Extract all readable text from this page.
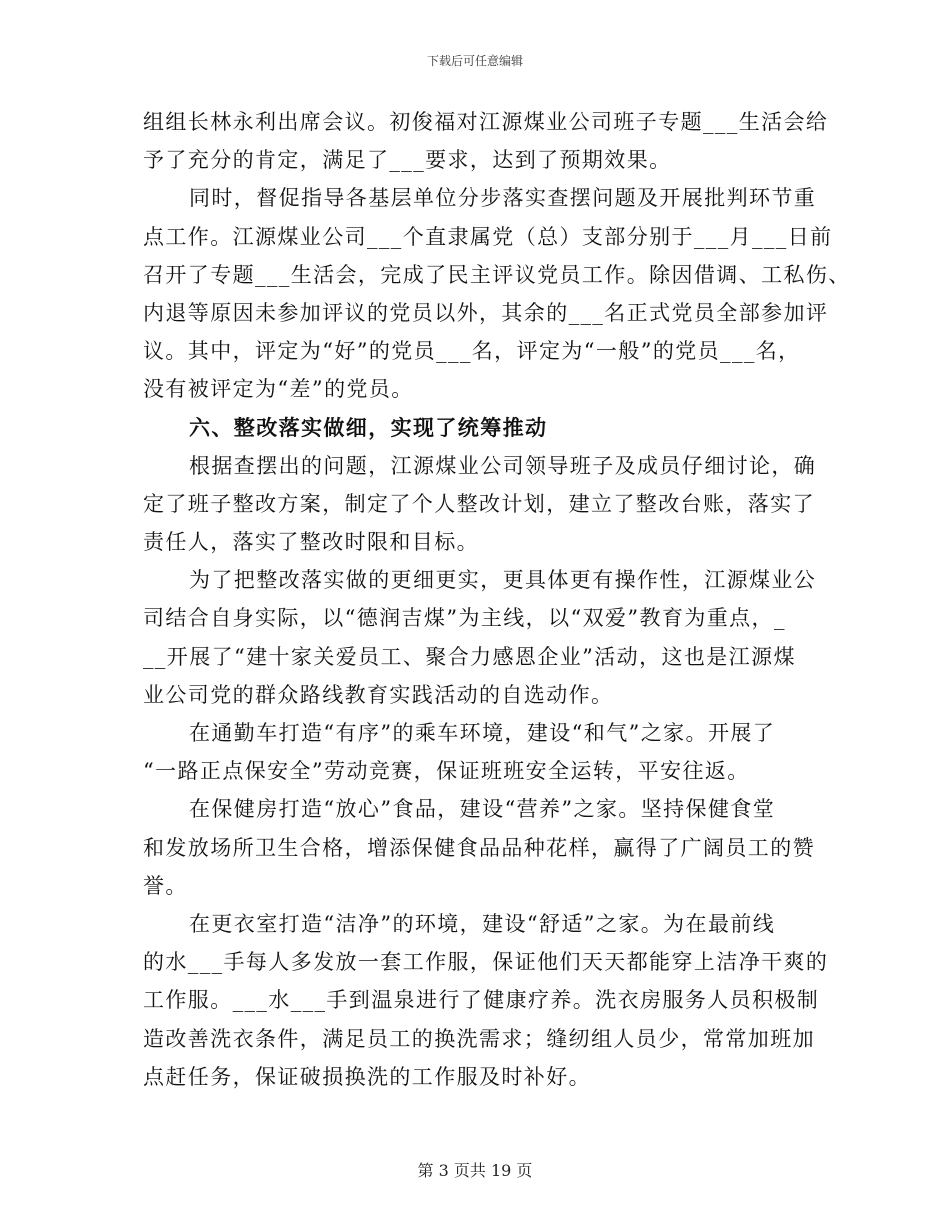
下载后可任意编辑
组组长林永利出席会议。初俊福对江源煤业公司班子专题___生活会给
予了充分的肯定，满足了___要求，达到了预期效果。
同时，督促指导各基层单位分步落实查摆问题及开展批判环节重
点工作。江源煤业公司___个直隶属党（总）支部分别于___月___日前
召开了专题___生活会，完成了民主评议党员工作。除因借调、工私伤、
内退等原因未参加评议的党员以外，其余的___名正式党员全部参加评
议。其中，评定为“好”的党员___名，评定为“一般”的党员___名，
没有被评定为“差”的党员。
六、整改落实做细，实现了统筹推动
根据查摆出的问题，江源煤业公司领导班子及成员仔细讨论，确
定了班子整改方案，制定了个人整改计划，建立了整改台账，落实了
责任人，落实了整改时限和目标。
为了把整改落实做的更细更实，更具体更有操作性，江源煤业公
司结合自身实际，以“德润吉煤”为主线，以“双爱”教育为重点，_
__开展了“建十家关爱员工、聚合力感恩企业”活动，这也是江源煤
业公司党的群众路线教育实践活动的自选动作。
在通勤车打造“有序”的乘车环境，建设“和气”之家。开展了
“一路正点保安全”劳动竞赛，保证班班安全运转，平安往返。
在保健房打造“放心”食品，建设“营养”之家。坚持保健食堂
和发放场所卫生合格，增添保健食品品种花样，赢得了广阔员工的赞
誉。
在更衣室打造“洁净”的环境，建设“舒适”之家。为在最前线
的水___手每人多发放一套工作服，保证他们天天都能穿上洁净干爽的
工作服。___水___手到温泉进行了健康疗养。洗衣房服务人员积极制
造改善洗衣条件，满足员工的换洗需求；缝纫组人员少，常常加班加
点赶任务，保证破损换洗的工作服及时补好。
第 3 页共 19 页
